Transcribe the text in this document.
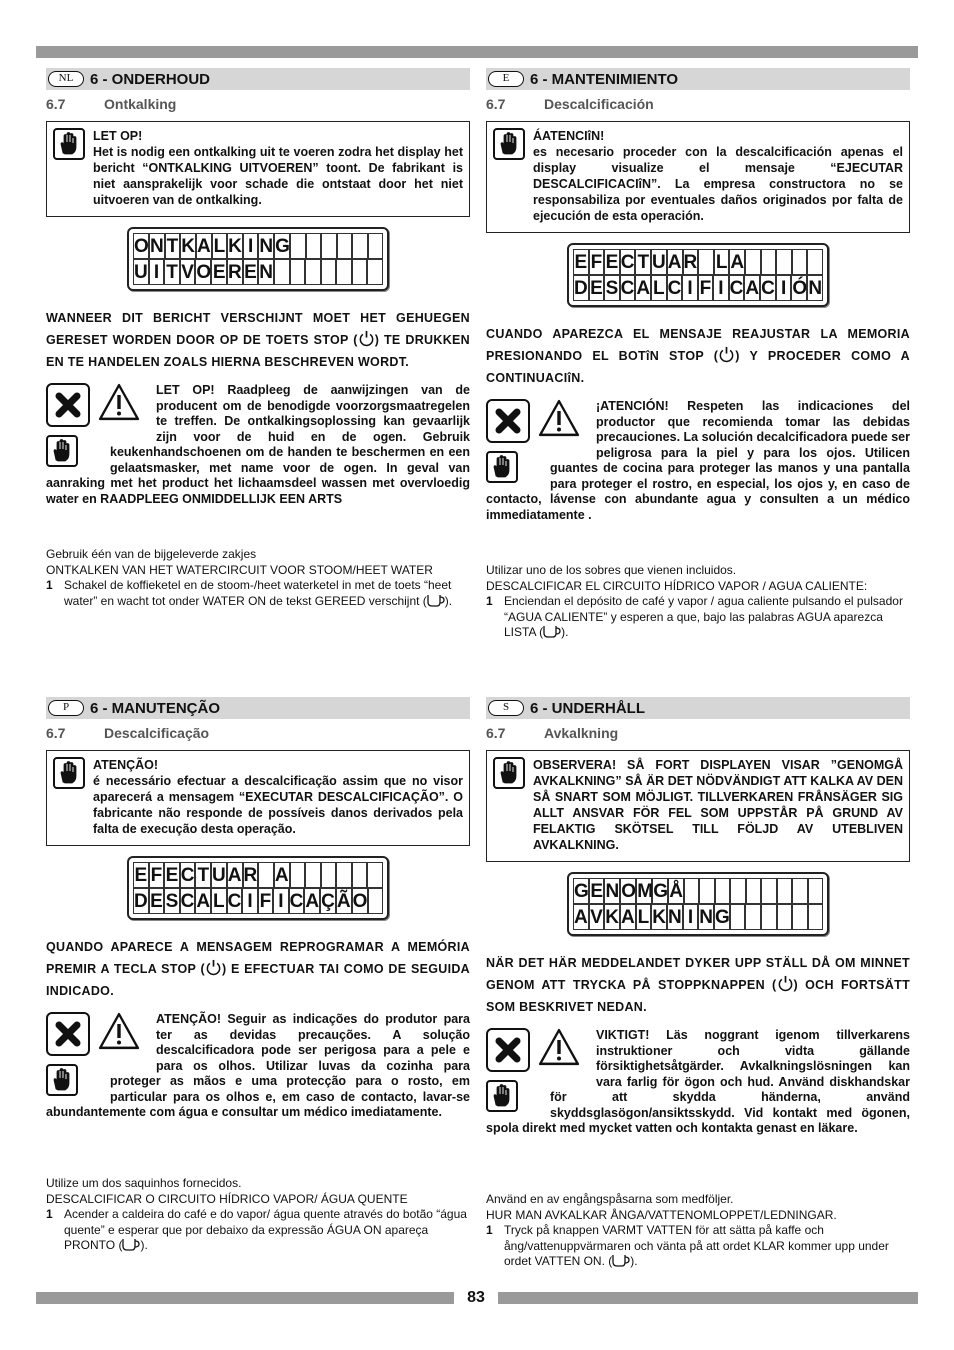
NL	6 - ONDERHOUD
6.7	Ontkalking
LET OP!
Het is nodig een ontkalking uit te voeren zodra het display het bericht “ONTKALKING UITVOEREN” toont. De fabrikant is niet aansprakelijk voor schade die ontstaat door het niet uitvoeren van de ontkalking.
O N T K A L K I N G
U I T V O E R E N
WANNEER DIT BERICHT VERSCHIJNT MOET HET GEHUEGEN GERESET WORDEN DOOR OP DE TOETS STOP ( ) TE DRUKKEN EN TE HANDELEN ZOALS HIERNA BESCHREVEN WORDT.
LET OP! Raadpleeg de aanwijzingen van de producent om de benodigde voorzorgsmaatregelen te treffen. De ontkalkingsoplossing kan gevaarlijk zijn voor de huid en de ogen. Gebruik keukenhandschoenen om de handen te beschermen en een gelaatsmasker, met name voor de ogen. In geval van aanraking met het product het lichaamsdeel wassen met overvloedig water en RAADPLEEG ONMIDDELLIJK EEN ARTS
Gebruik één van de bijgeleverde zakjes
ONTKALKEN VAN HET WATERCIRCUIT VOOR STOOM/HEET WATER
1 Schakel de koffieketel en de stoom-/heet waterketel in met de toets “heet water” en wacht tot onder WATER ON de tekst GEREED verschijnt ( ).
E	6 - MANTENIMIENTO
6.7	Descalcificación
ÁATENCIîN!
es necesario proceder con la descalcificación apenas el display visualize el mensaje “EJECUTAR DESCALCIFICACIîN”. La empresa constructora no se responsabiliza por eventuales daños originados por falta de ejecución de esta operación.
E F E C T U A R L A
D E S C A L C I F I C A C I Ó N
CUANDO APAREZCA EL MENSAJE REAJUSTAR LA MEMORIA PRESIONANDO EL BOTîN STOP ( ) Y PROCEDER COMO A CONTINUACIîN.
¡ATENCIÓN! Respeten las indicaciones del productor que recomienda tomar las debidas precauciones. La solución decalcificadora puede ser peligrosa para la piel y para los ojos. Utilicen guantes de cocina para proteger las manos y una pantalla para proteger el rostro, en especial, los ojos y, en caso de contacto, lávense con abundante agua y consulten a un médico immediatamente .
Utilizar uno de los sobres que vienen incluidos.
DESCALCIFICAR EL CIRCUITO HÍDRICO VAPOR / AGUA CALIENTE:
1 Enciendan el depósito de café y vapor / agua caliente pulsando el pulsador “AGUA CALIENTE” y esperen a que, bajo las palabras AGUA aparezca LISTA ( ).
P	6 - MANUTENÇÃO
6.7	Descalcificação
ATENÇÃO!
é necessário efectuar a descalcificação assim que no visor aparecerá a mensagem “EXECUTAR DESCALCIFICAÇÃO”. O fabricante não responde de possíveis danos derivados pela falta de execução desta operação.
E F E C T U A R A
D E S C A L C I F I C A Ç Ã O
QUANDO APARECE A MENSAGEM REPROGRAMAR A MEMÓRIA PREMIR A TECLA STOP ( ) E EFECTUAR TAI COMO DE SEGUIDA INDICADO.
ATENÇÃO! Seguir as indicações do produtor para ter as devidas precauções. A solução descalcificadora pode ser perigosa para a pele e para os olhos. Utilizar luvas da cozinha para proteger as mãos e uma protecção para o rosto, em particular para os olhos e, em caso de contacto, lavar-se abundantemente com água e consultar um médico imediatamente.
Utilize um dos saquinhos fornecidos.
DESCALCIFICAR O CIRCUITO HÍDRICO VAPOR/ ÁGUA QUENTE
1 Acender a caldeira do café e do vapor/ água quente através do botão “água quente” e esperar que por debaixo da expressão ÁGUA ON apareça PRONTO ( ).
S	6 - UNDERHÅLL
6.7	Avkalkning
OBSERVERA! SÅ FORT DISPLAYEN VISAR ”GENOMGÅ AVKALKNING” SÅ ÄR DET NÖDVÄNDIGT ATT KALKA AV DEN SÅ SNART SOM MÖJLIGT. TILLVERKAREN FRÅNSÄGER SIG ALLT ANSVAR FÖR FEL SOM UPPSTÅR PÅ GRUND AV FELAKTIG SKÖTSEL TILL FÖLJD AV UTEBLIVEN AVKALKNING.

G E N O M G Å
A V K A L K N I N G
NÄR DET HÄR MEDDELANDET DYKER UPP STÄLL DÅ OM MINNET GENOM ATT TRYCKA PÅ STOPPKNAPPEN ( ) OCH FORTSÄTT SOM BESKRIVET NEDAN.
VIKTIGT! Läs noggrant igenom tillverkarens instruktioner och vidta gällande försiktighetsåtgärder. Avkalkningslösningen kan vara farlig för ögon och hud. Använd diskhandskar för att skydda händerna, använd skyddsglasögon/ansiktsskydd. Vid kontakt med ögonen, spola direkt med mycket vatten och kontakta genast en läkare.
Använd en av engångspåsarna som medföljer.
HUR MAN AVKALKAR ÅNGA/VATTENOMLOPPET/LEDNINGAR.
1 Tryck på knappen VARMT VATTEN för att sätta på kaffe och ång/vattenuppvärmaren och vänta på att ordet KLAR kommer upp under ordet VATTEN ON. ( ).
83
